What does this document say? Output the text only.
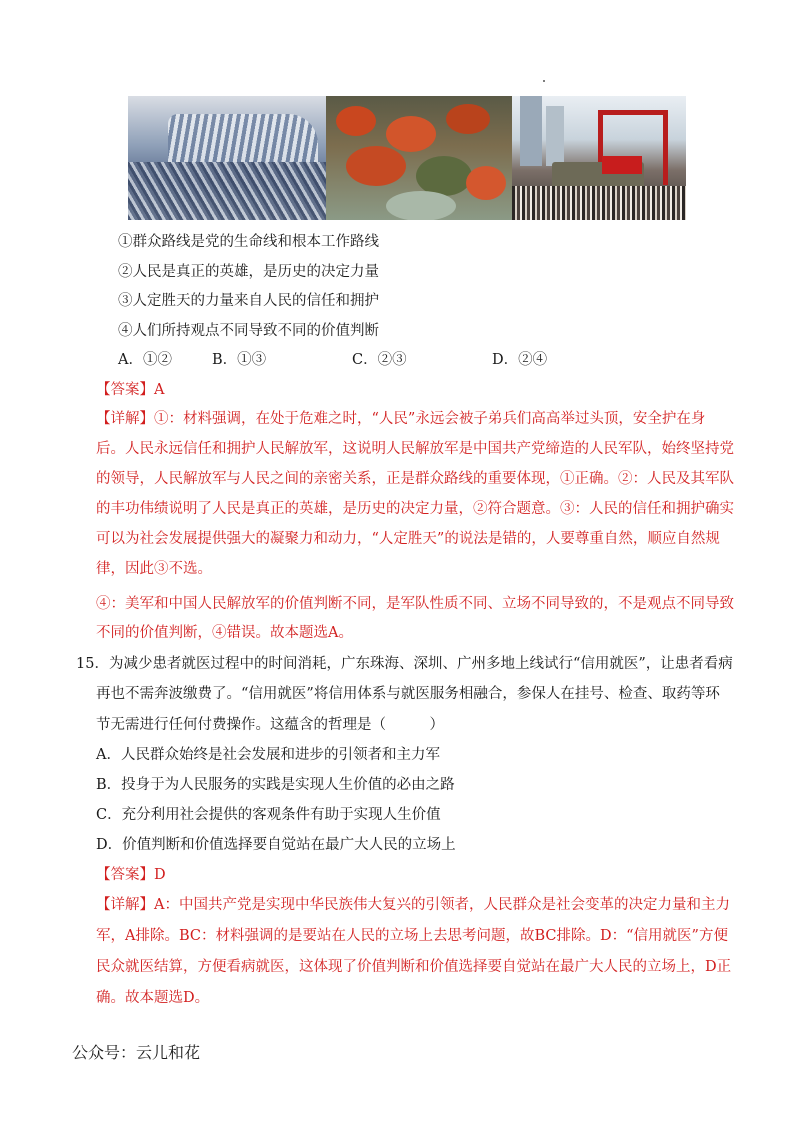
①群众路线是党的生命线和根本工作路线
②人民是真正的英雄，是历史的决定力量
③人定胜天的力量来自人民的信任和拥护
④人们所持观点不同导致不同的价值判断
A．①②	B．①③	C．②③	D．②④
【答案】A
【详解】①：材料强调，在处于危难之时，“人民”永远会被子弟兵们高高举过头顶，安全护在身
后。人民永远信任和拥护人民解放军，这说明人民解放军是中国共产党缔造的人民军队，始终坚持党
的领导，人民解放军与人民之间的亲密关系，正是群众路线的重要体现，①正确。②：人民及其军队
的丰功伟绩说明了人民是真正的英雄，是历史的决定力量，②符合题意。③：人民的信任和拥护确实
可以为社会发展提供强大的凝聚力和动力，“人定胜天”的说法是错的，人要尊重自然，顺应自然规
律，因此③不选。
④：美军和中国人民解放军的价值判断不同，是军队性质不同、立场不同导致的，不是观点不同导致
不同的价值判断，④错误。故本题选A。
15．为减少患者就医过程中的时间消耗，广东珠海、深圳、广州多地上线试行“信用就医”，让患者看病
再也不需奔波缴费了。“信用就医”将信用体系与就医服务相融合，参保人在挂号、检查、取药等环
节无需进行任何付费操作。这蕴含的哲理是（　　　）
A．人民群众始终是社会发展和进步的引领者和主力军
B．投身于为人民服务的实践是实现人生价值的必由之路
C．充分利用社会提供的客观条件有助于实现人生价值
D．价值判断和价值选择要自觉站在最广大人民的立场上
【答案】D
【详解】A：中国共产党是实现中华民族伟大复兴的引领者，人民群众是社会变革的决定力量和主力
军，A排除。BC：材料强调的是要站在人民的立场上去思考问题，故BC排除。D：“信用就医”方便
民众就医结算，方便看病就医，这体现了价值判断和价值选择要自觉站在最广大人民的立场上，D正
确。故本题选D。
公众号：云儿和花
